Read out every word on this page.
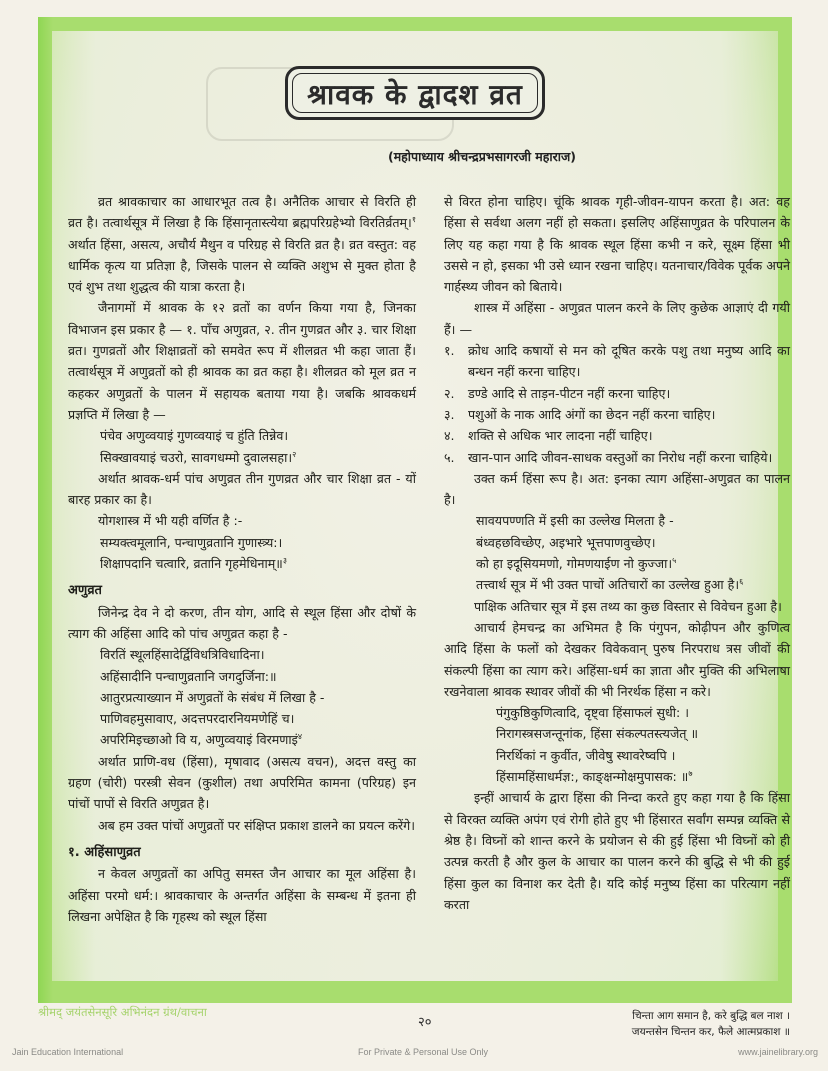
श्रावक के द्वादश व्रत
(महोपाध्याय श्रीचन्द्रप्रभसागरजी महाराज)

व्रत श्रावकाचार का आधारभूत तत्व है। अनैतिक आचार से विरति ही व्रत है। तत्वार्थसूत्र में लिखा है कि हिंसानृतास्त्येया ब्रह्मपरिग्रहेभ्यो विरतिर्व्रतम्।$^१$ अर्थात हिंसा, असत्य, अचौर्य मैथुन व परिग्रह से विरति व्रत है। व्रत वस्तुत: वह धार्मिक कृत्य या प्रतिज्ञा है, जिसके पालन से व्यक्ति अशुभ से मुक्त होता है एवं शुभ तथा शुद्धत्व की यात्रा करता है।

जैनागमों में श्रावक के १२ व्रतों का वर्णन किया गया है, जिनका विभाजन इस प्रकार है — १. पाँच अणुव्रत, २. तीन गुणव्रत और ३. चार शिक्षा व्रत। गुणव्रतों और शिक्षाव्रतों को समवेत रूप में शीलव्रत भी कहा जाता हैं। तत्वार्थसूत्र में अणुव्रतों को ही श्रावक का व्रत कहा है। शीलव्रत को मूल व्रत न कहकर अणुव्रतों के पालन में सहायक बताया गया है। जबकि श्रावकधर्म प्रज्ञप्ति में लिखा है —

पंचेव अणुव्वयाइं गुणव्वयाइं च हुंति तिन्नेव।
सिक्खावयाइं चउरो, सावगधम्मो दुवालसहा।$^२$

अर्थात श्रावक-धर्म पांच अणुव्रत तीन गुणव्रत और चार शिक्षा व्रत - यों बारह प्रकार का है।

योगशास्त्र में भी यही वर्णित है :-

सम्यक्त्वमूलानि, पन्चाणुव्रतानि गुणास्त्र्य:।
शिक्षापदानि चत्वारि, व्रतानि गृहमेधिनाम्॥$^३$

अणुव्रत

जिनेन्द्र देव ने दो करण, तीन योग, आदि से स्थूल हिंसा और दोषों के त्याग की अहिंसा आदि को पांच अणुव्रत कहा है -

विरतिं स्थूलहिंसादेर्द्विविधत्रिविधादिना।
अहिंसादीनि पन्चाणुव्रतानि जगदुर्जिना:॥
आतुरप्रत्याख्यान में अणुव्रतों के संबंध में लिखा है -
पाणिवहमुसावाए, अदत्तपरदारनियमणेहिं च।
अपरिमिइच्छाओ वि य, अणुव्वयाइं विरमणाइं$^४$

अर्थात प्राणि-वध (हिंसा), मृषावाद (असत्य वचन), अदत्त वस्तु का ग्रहण (चोरी) परस्त्री सेवन (कुशील) तथा अपरिमित कामना (परिग्रह) इन पांचों पापों से विरति अणुव्रत है।

अब हम उक्त पांचों अणुव्रतों पर संक्षिप्त प्रकाश डालने का प्रयत्न करेंगे।

१. अहिंसाणुव्रत

न केवल अणुव्रतों का अपितु समस्त जैन आचार का मूल अहिंसा है। अहिंसा परमो धर्म:। श्रावकाचार के अन्तर्गत अहिंसा के सम्बन्ध में इतना ही लिखना अपेक्षित है कि गृहस्थ को स्थूल हिंसा

से विरत होना चाहिए। चूंकि श्रावक गृही-जीवन-यापन करता है। अत: वह हिंसा से सर्वथा अलग नहीं हो सकता। इसलिए अहिंसाणुव्रत के परिपालन के लिए यह कहा गया है कि श्रावक स्थूल हिंसा कभी न करे, सूक्ष्म हिंसा भी उससे न हो, इसका भी उसे ध्यान रखना चाहिए। यतनाचार/विवेक पूर्वक अपने गार्हस्थ्य जीवन को बिताये।

शास्त्र में अहिंसा - अणुव्रत पालन करने के लिए कुछेक आज्ञाएं दी गयी हैं। —

१.	क्रोध आदि कषायों से मन को दूषित करके पशु तथा मनुष्य आदि का बन्धन नहीं करना चाहिए।
२.	डण्डे आदि से ताड़न-पीटन नहीं करना चाहिए।
३.	पशुओं के नाक आदि अंगों का छेदन नहीं करना चाहिए।
४.	शक्ति से अधिक भार लादना नहीं चाहिए।
५.	खान-पान आदि जीवन-साधक वस्तुओं का निरोध नहीं करना चाहिये।

उक्त कर्म हिंसा रूप है। अत: इनका त्याग अहिंसा-अणुव्रत का पालन है।

सावयपण्णति में इसी का उल्लेख मिलता है -
बंध्वहछविच्छेए, अइभारे भूत्तपाणवुच्छेए।
को हा इदूसियमणो, गोमणयाईण नो कुज्जा।$^५$
तत्त्वार्थ सूत्र में भी उक्त पाचों अतिचारों का उल्लेख हुआ है।$^६$

पाक्षिक अतिचार सूत्र में इस तथ्य का कुछ विस्तार से विवेचन हुआ है।

आचार्य हेमचन्द्र का अभिमत है कि पंगुपन, कोढ़ीपन और कुणित्व आदि हिंसा के फलों को देखकर विवेकवान् पुरुष निरपराध त्रस जीवों की संकल्पी हिंसा का त्याग करे। अहिंसा-धर्म का ज्ञाता और मुक्ति की अभिलाषा रखनेवाला श्रावक स्थावर जीवों की भी निरर्थक हिंसा न करे।

पंगुकुष्ठिकुणित्वादि, दृष्ट्वा हिंसाफलं सुधी: ।
निरागस्त्रसजन्तूनांक, हिंसा संकल्पतस्त्यजेत् ॥
निरर्थिकां न कुर्वीत, जीवेषु स्थावरेष्वपि ।
हिंसामहिंसाधर्मज्ञ:, काङ्क्षन्मोक्षमुपासक: ॥$^७$

इन्हीं आचार्य के द्वारा हिंसा की निन्दा करते हुए कहा गया है कि हिंसा से विरक्त व्यक्ति अपंग एवं रोगी होते हुए भी हिंसारत सर्वांग सम्पन्न व्यक्ति से श्रेष्ठ है। विघ्नों को शान्त करने के प्रयोजन से की हुई हिंसा भी विघ्नों को ही उत्पन्न करती है और कुल के आचार का पालन करने की बुद्धि से भी की हुई हिंसा कुल का विनाश कर देती है। यदि कोई मनुष्य हिंसा का परित्याग नहीं करता

श्रीमद् जयंतसेनसूरि अभिनंदन ग्रंथ/वाचना
२०	चिन्ता आग समान है, करे बुद्धि बल नाश ।
जयन्तसेन चिन्तन कर, फैले आत्मप्रकाश ॥
Jain Education International	For Private & Personal Use Only	www.jainelibrary.org
